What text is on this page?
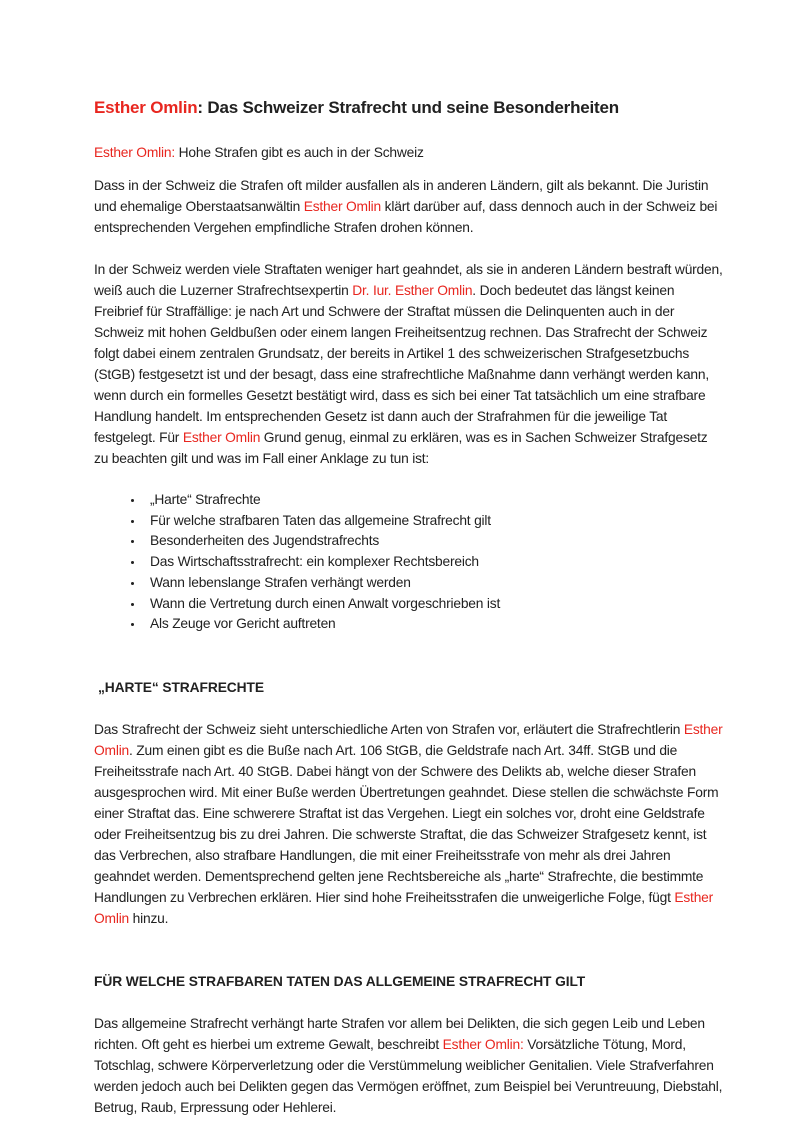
Esther Omlin: Das Schweizer Strafrecht und seine Besonderheiten

Esther Omlin: Hohe Strafen gibt es auch in der Schweiz

Dass in der Schweiz die Strafen oft milder ausfallen als in anderen Ländern, gilt als bekannt. Die Juristin und ehemalige Oberstaatsanwältin Esther Omlin klärt darüber auf, dass dennoch auch in der Schweiz bei entsprechenden Vergehen empfindliche Strafen drohen können.

In der Schweiz werden viele Straftaten weniger hart geahndet, als sie in anderen Ländern bestraft würden, weiß auch die Luzerner Strafrechtsexpertin Dr. Iur. Esther Omlin. Doch bedeutet das längst keinen Freibrief für Straffällige: je nach Art und Schwere der Straftat müssen die Delinquenten auch in der Schweiz mit hohen Geldbußen oder einem langen Freiheitsentzug rechnen. Das Strafrecht der Schweiz folgt dabei einem zentralen Grundsatz, der bereits in Artikel 1 des schweizerischen Strafgesetzbuchs (StGB) festgesetzt ist und der besagt, dass eine strafrechtliche Maßnahme dann verhängt werden kann, wenn durch ein formelles Gesetzt bestätigt wird, dass es sich bei einer Tat tatsächlich um eine strafbare Handlung handelt. Im entsprechenden Gesetz ist dann auch der Strafrahmen für die jeweilige Tat festgelegt. Für Esther Omlin Grund genug, einmal zu erklären, was es in Sachen Schweizer Strafgesetz zu beachten gilt und was im Fall einer Anklage zu tun ist:

• „Harte“ Strafrechte
• Für welche strafbaren Taten das allgemeine Strafrecht gilt
• Besonderheiten des Jugendstrafrechts
• Das Wirtschaftsstrafrecht: ein komplexer Rechtsbereich
• Wann lebenslange Strafen verhängt werden
• Wann die Vertretung durch einen Anwalt vorgeschrieben ist
• Als Zeuge vor Gericht auftreten
„HARTE“ STRAFRECHTE

Das Strafrecht der Schweiz sieht unterschiedliche Arten von Strafen vor, erläutert die Strafrechtlerin Esther Omlin. Zum einen gibt es die Buße nach Art. 106 StGB, die Geldstrafe nach Art. 34ff. StGB und die Freiheitsstrafe nach Art. 40 StGB. Dabei hängt von der Schwere des Delikts ab, welche dieser Strafen ausgesprochen wird. Mit einer Buße werden Übertretungen geahndet. Diese stellen die schwächste Form einer Straftat das. Eine schwerere Straftat ist das Vergehen. Liegt ein solches vor, droht eine Geldstrafe oder Freiheitsentzug bis zu drei Jahren. Die schwerste Straftat, die das Schweizer Strafgesetz kennt, ist das Verbrechen, also strafbare Handlungen, die mit einer Freiheitsstrafe von mehr als drei Jahren geahndet werden. Dementsprechend gelten jene Rechtsbereiche als „harte“ Strafrechte, die bestimmte Handlungen zu Verbrechen erklären. Hier sind hohe Freiheitsstrafen die unweigerliche Folge, fügt Esther Omlin hinzu.

FÜR WELCHE STRAFBAREN TATEN DAS ALLGEMEINE STRAFRECHT GILT

Das allgemeine Strafrecht verhängt harte Strafen vor allem bei Delikten, die sich gegen Leib und Leben richten. Oft geht es hierbei um extreme Gewalt, beschreibt Esther Omlin: Vorsätzliche Tötung, Mord, Totschlag, schwere Körperverletzung oder die Verstümmelung weiblicher Genitalien. Viele Strafverfahren werden jedoch auch bei Delikten gegen das Vermögen eröffnet, zum Beispiel bei Veruntreuung, Diebstahl, Betrug, Raub, Erpressung oder Hehlerei.
